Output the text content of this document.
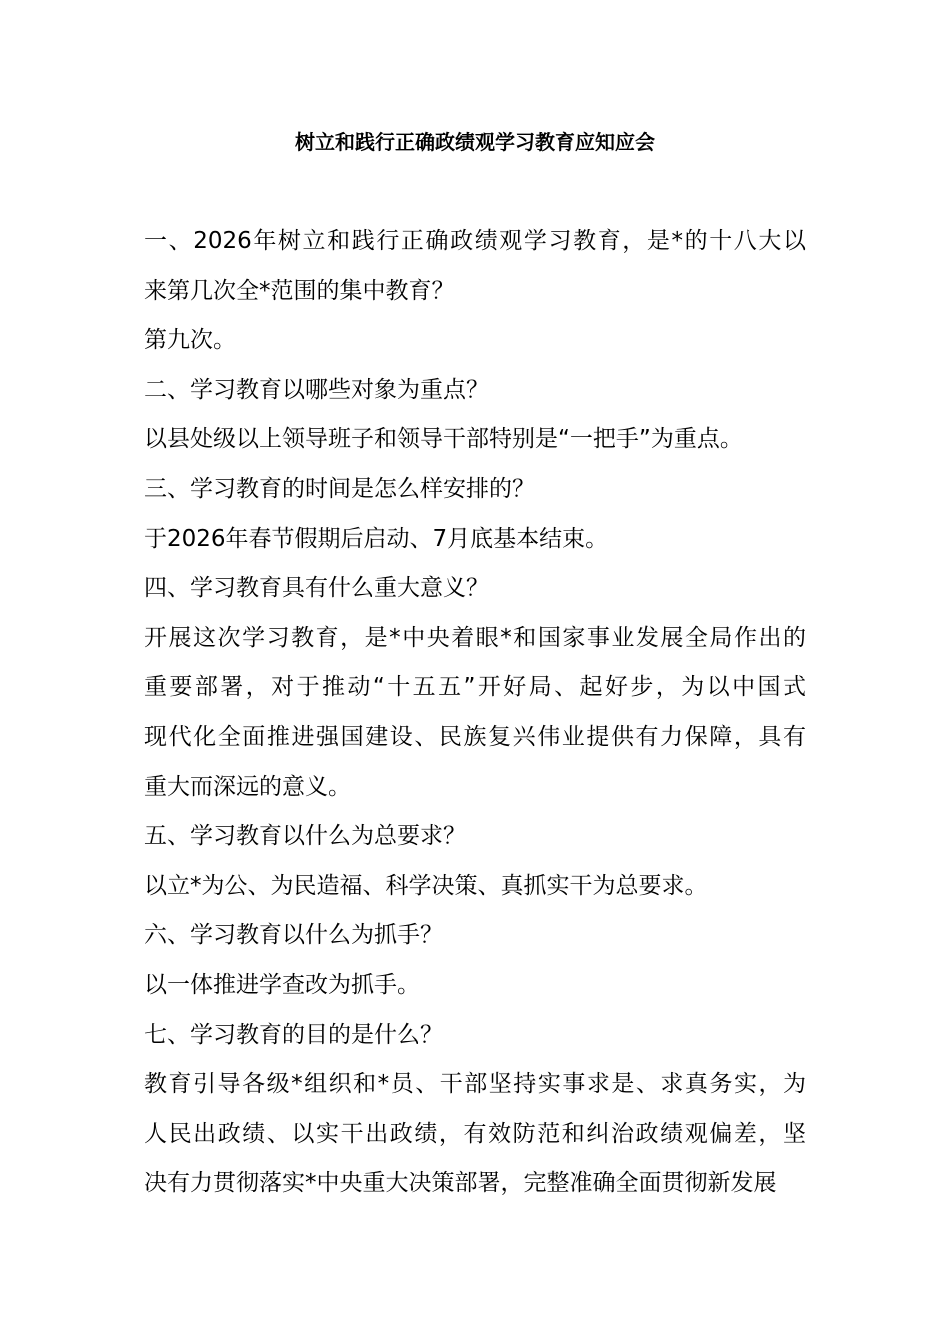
树立和践行正确政绩观学习教育应知应会
一、2026年树立和践行正确政绩观学习教育，是*的十八大以
来第几次全*范围的集中教育？
第九次。
二、学习教育以哪些对象为重点？
以县处级以上领导班子和领导干部特别是“一把手”为重点。
三、学习教育的时间是怎么样安排的？
于2026年春节假期后启动、7月底基本结束。
四、学习教育具有什么重大意义？
开展这次学习教育，是*中央着眼*和国家事业发展全局作出的
重要部署，对于推动“十五五”开好局、起好步，为以中国式
现代化全面推进强国建设、民族复兴伟业提供有力保障，具有
重大而深远的意义。
五、学习教育以什么为总要求？
以立*为公、为民造福、科学决策、真抓实干为总要求。
六、学习教育以什么为抓手？
以一体推进学查改为抓手。
七、学习教育的目的是什么？
教育引导各级*组织和*员、干部坚持实事求是、求真务实，为
人民出政绩、以实干出政绩，有效防范和纠治政绩观偏差，坚
决有力贯彻落实*中央重大决策部署，完整准确全面贯彻新发展
